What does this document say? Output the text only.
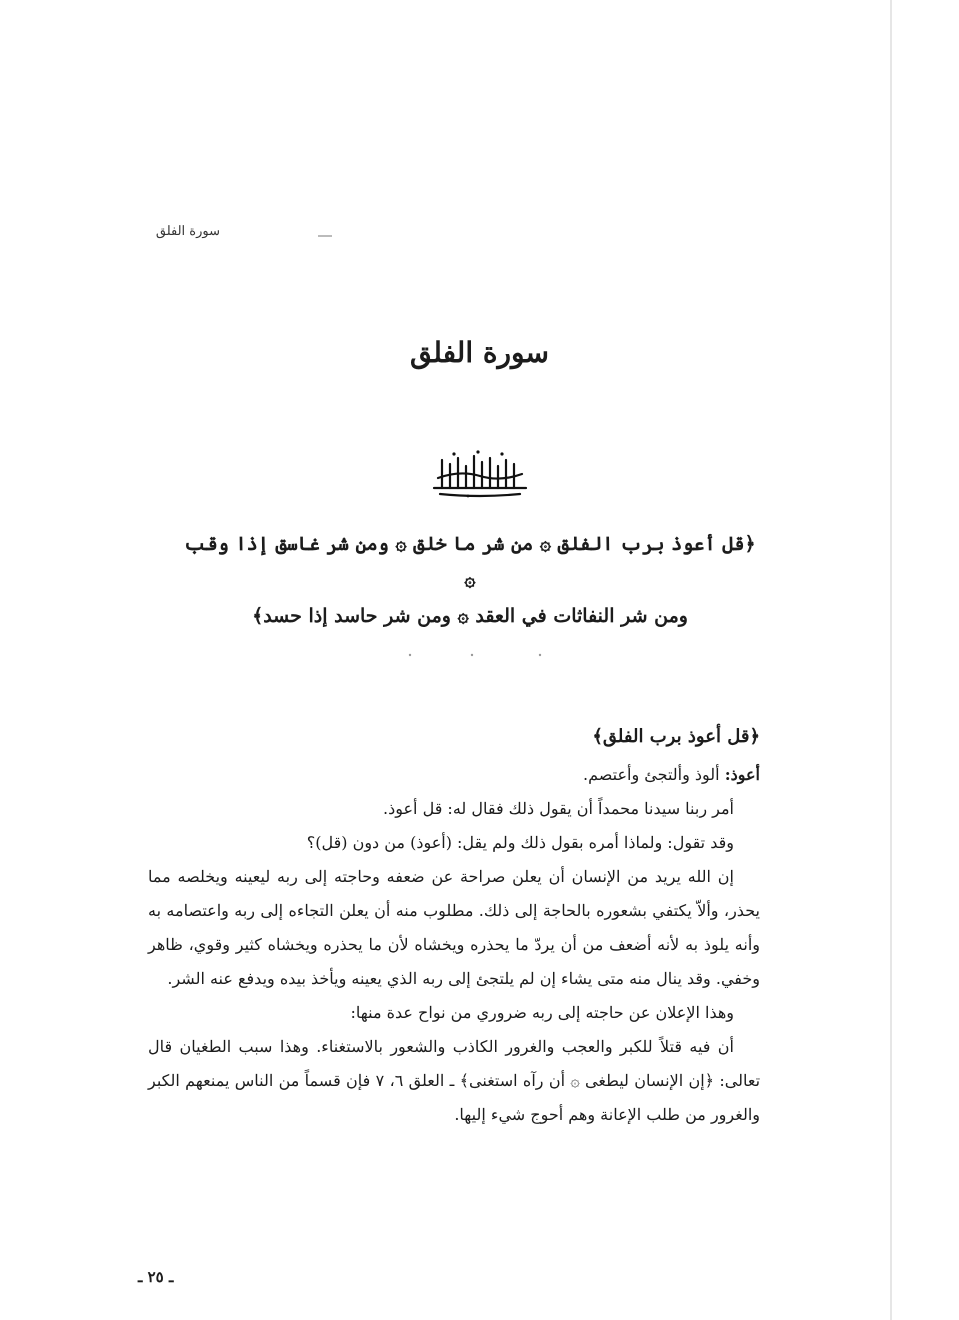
سورة الفلق
سورة الفلق
﴿قل أعوذ برب الفلق ۞ من شر ما خلق ۞ ومن شر غاسق إذا وقب ۞
ومن شر النفاثات في العقد ۞ ومن شر حاسد إذا حسد﴾

﴿قل أعوذ برب الفلق﴾

أعوذ: ألوذ وألتجئ وأعتصم.

أمر ربنا سيدنا محمداً أن يقول ذلك فقال له: قل أعوذ.

وقد تقول: ولماذا أمره بقول ذلك ولم يقل: (أعوذ) من دون (قل)؟

إن الله يريد من الإنسان أن يعلن صراحة عن ضعفه وحاجته إلى ربه ليعينه ويخلصه مما يحذر، وألاّ يكتفي بشعوره بالحاجة إلى ذلك. مطلوب منه أن يعلن التجاءه إلى ربه واعتصامه به وأنه يلوذ به لأنه أضعف من أن يردّ ما يحذره ويخشاه لأن ما يحذره ويخشاه كثير وقوي، ظاهر وخفي. وقد ينال منه متى يشاء إن لم يلتجئ إلى ربه الذي يعينه ويأخذ بيده ويدفع عنه الشر.

وهذا الإعلان عن حاجته إلى ربه ضروري من نواح عدة منها:

أن فيه قتلاً للكبر والعجب والغرور الكاذب والشعور بالاستغناء. وهذا سبب الطغيان قال تعالى: ﴿إن الإنسان ليطغى ۞ أن رآه استغنى﴾ ـ العلق ٦، ٧ فإن قسماً من الناس يمنعهم الكبر والغرور من طلب الإعانة وهم أحوج شيء إليها.

ـ ٢٥ ـ
